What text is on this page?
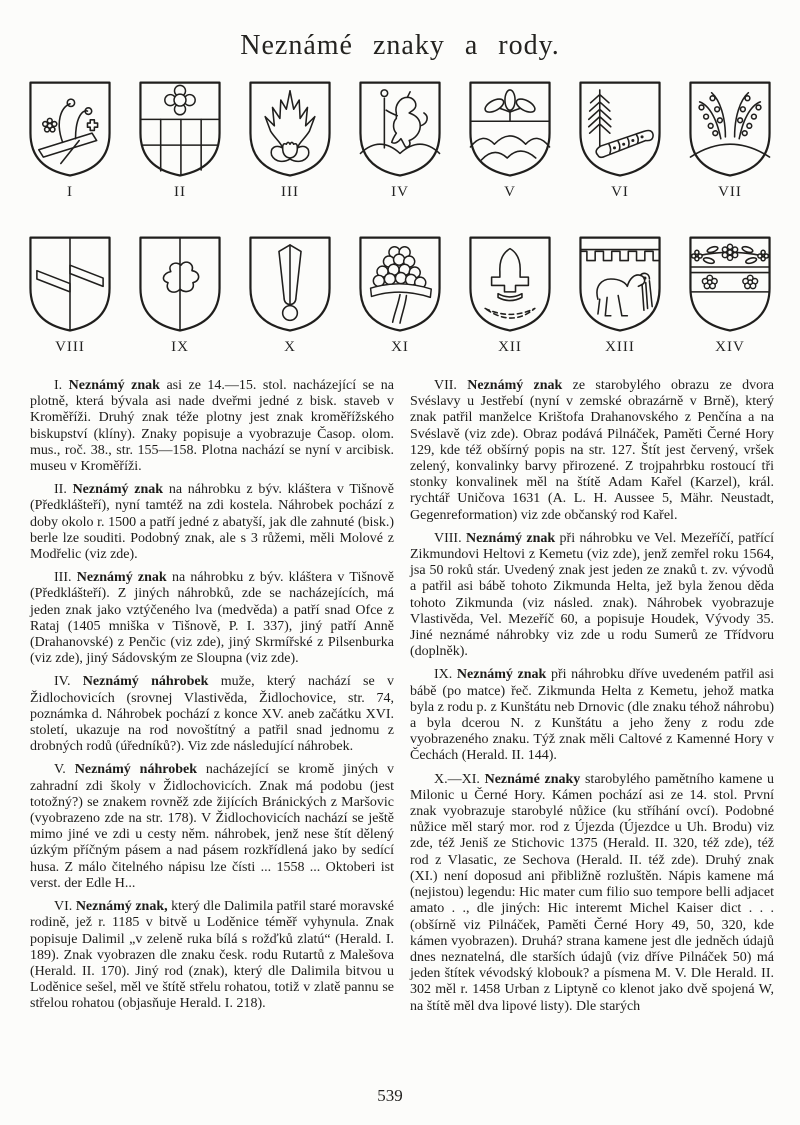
Neznámé znaky a rody.
I	II	III	IV	V	VI	VII
VIII	IX	X	XI	XII	XIII	XIV

I. Neznámý znak asi ze 14.—15. stol. nacházející se na plotně, která bývala asi nade dveřmi jedné z bisk. staveb v Kroměříži. Druhý znak téže plotny jest znak kroměřížského biskupství (klíny). Znaky popisuje a vyobrazuje Časop. olom. mus., roč. 38., str. 155—158. Plotna nachází se nyní v arcibisk. museu v Kroměříži.

II. Neznámý znak na náhrobku z býv. kláštera v Tišnově (Předklášteří), nyní tamtéž na zdi kostela. Náhrobek pochází z doby okolo r. 1500 a patří jedné z abatyší, jak dle zahnuté (bisk.) berle lze souditi. Podobný znak, ale s 3 růžemi, měli Molové z Modřelic (viz zde).

III. Neznámý znak na náhrobku z býv. kláštera v Tišnově (Předklášteří). Z jiných náhrobků, zde se nacházejících, má jeden znak jako vztýčeného lva (medvěda) a patří snad Ofce z Rataj (1405 mniška v Tišnově, P. I. 337), jiný patří Anně (Drahanovské) z Penčic (viz zde), jiný Skrmířské z Pilsenburka (viz zde), jiný Sádovským ze Sloupna (viz zde).

IV. Neznámý náhrobek muže, který nachází se v Židlochovicích (srovnej Vlastivěda, Židlochovice, str. 74, poznámka d. Náhrobek pochází z konce XV. aneb začátku XVI. století, ukazuje na rod novoštítný a patřil snad jednomu z drobných rodů (úředníků?). Viz zde následující náhrobek.

V. Neznámý náhrobek nacházející se kromě jiných v zahradní zdi školy v Židlochovicích. Znak má podobu (jest totožný?) se znakem rovněž zde žijících Bránických z Maršovic (vyobrazeno zde na str. 178). V Židlochovicích nachází se ještě mimo jiné ve zdi u cesty něm. náhrobek, jenž nese štít dělený úzkým příčným pásem a nad pásem rozkřídlená jako by sedící husa. Z málo čitelného nápisu lze čísti ... 1558 ... Oktoberi ist verst. der Edle H...

VI. Neznámý znak, který dle Dalimila patřil staré moravské rodině, jež r. 1185 v bitvě u Loděnice téměř vyhynula. Znak popisuje Dalimil „v zeleně ruka bílá s rožďků zlatú“ (Herald. I. 189). Znak vyobrazen dle znaku česk. rodu Rutartů z Malešova (Herald. II. 170). Jiný rod (znak), který dle Dalimila bitvou u Loděnice sešel, měl ve štítě střelu rohatou, totiž v zlatě pannu se střelou rohatou (objasňuje Herald. I. 218).

VII. Neznámý znak ze starobylého obrazu ze dvora Svéslavy u Jestřebí (nyní v zemské obrazárně v Brně), který znak patřil manželce Krištofa Drahanovského z Penčína a na Svéslavě (viz zde). Obraz podává Pilnáček, Paměti Černé Hory 129, kde též obšírný popis na str. 127. Štít jest červený, vršek zelený, konvalinky barvy přirozené. Z trojpahrbku rostoucí tři stonky konvalinek měl na štítě Adam Kařel (Karzel), král. rychtář Uničova 1631 (A. L. H. Aussee 5, Mähr. Neustadt, Gegenreformation) viz zde občanský rod Kařel.

VIII. Neznámý znak při náhrobku ve Vel. Mezeříčí, patřící Zikmundovi Heltovi z Kemetu (viz zde), jenž zemřel roku 1564, jsa 50 roků stár. Uvedený znak jest jeden ze znaků t. zv. vývodů a patřil asi bábě tohoto Zikmunda Helta, jež byla ženou děda tohoto Zikmunda (viz násled. znak). Náhrobek vyobrazuje Vlastivěda, Vel. Mezeříč 60, a popisuje Houdek, Vývody 35. Jiné neznámé náhrobky viz zde u rodu Sumerů ze Třídvoru (doplněk).

IX. Neznámý znak při náhrobku dříve uvedeném patřil asi bábě (po matce) řeč. Zikmunda Helta z Kemetu, jehož matka byla z rodu p. z Kunštátu neb Drnovic (dle znaku téhož náhrobu) a byla dcerou N. z Kunštátu a jeho ženy z rodu zde vyobrazeného znaku. Týž znak měli Caltové z Kamenné Hory v Čechách (Herald. II. 144).

X.—XI. Neznámé znaky starobylého pamětního kamene u Milonic u Černé Hory. Kámen pochází asi ze 14. stol. První znak vyobrazuje starobylé nůžice (ku stříhání ovcí). Podobné nůžice měl starý mor. rod z Újezda (Újezdce u Uh. Brodu) viz zde, též Jeniš ze Stichovic 1375 (Herald. II. 320, též zde), též rod z Vlasatic, ze Sechova (Herald. II. též zde). Druhý znak (XI.) není doposud ani přibližně rozluštěn. Nápis kamene má (nejistou) legendu: Hic mater cum filio suo tempore belli adjacet amato . ., dle jiných: Hic interemt Michel Kaiser dict . . . (obšírně viz Pilnáček, Paměti Černé Hory 49, 50, 320, kde kámen vyobrazen). Druhá? strana kamene jest dle jedněch údajů dnes neznatelná, dle starších údajů (viz dříve Pilnáček 50) má jeden štítek vévodský klobouk? a písmena M. V. Dle Herald. II. 302 měl r. 1458 Urban z Liptyně co klenot jako dvě spojená W, na štítě měl dva lipové listy). Dle starých

539
